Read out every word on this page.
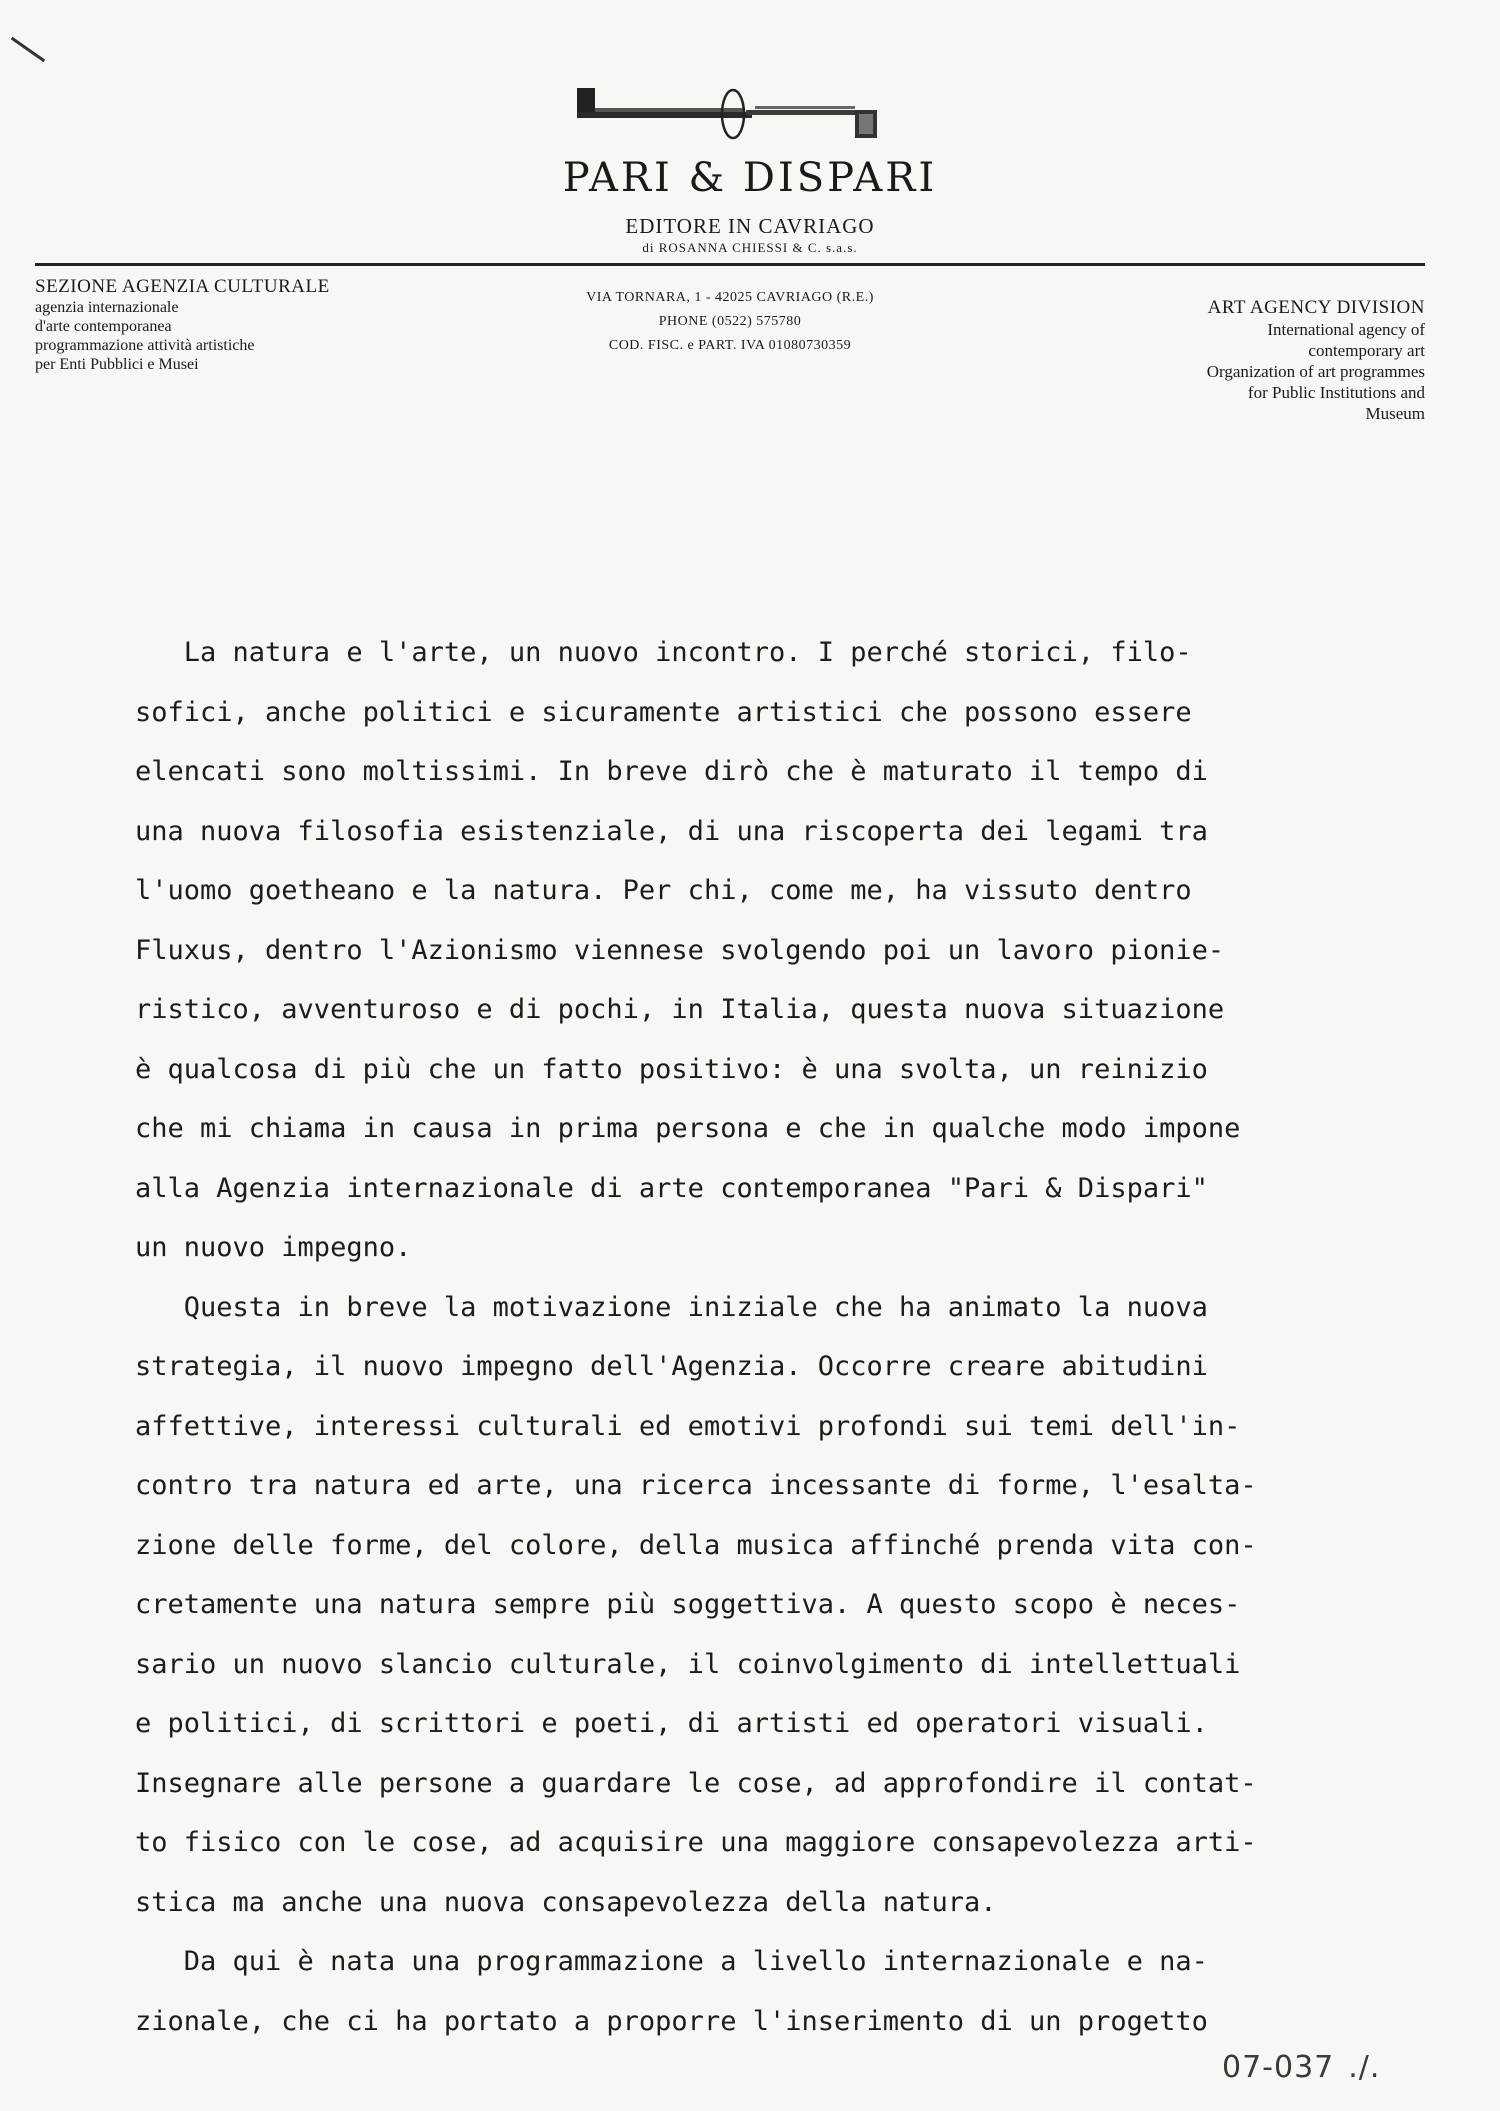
PARI & DISPARI
EDITORE IN CAVRIAGO
di ROSANNA CHIESSI & C. s.a.s.
SEZIONE AGENZIA CULTURALE
agenzia internazionale
d'arte contemporanea
programmazione attività artistiche
per Enti Pubblici e Musei
VIA TORNARA, 1 - 42025 CAVRIAGO (R.E.)
PHONE (0522) 575780
COD. FISC. e PART. IVA 01080730359
ART AGENCY DIVISION
International agency of
contemporary art
Organization of art programmes
for Public Institutions and
Museum
La natura e l'arte, un nuovo incontro. I perché storici, filo-
sofici, anche politici e sicuramente artistici che possono essere
elencati sono moltissimi. In breve dirò che è maturato il tempo di
una nuova filosofia esistenziale, di una riscoperta dei legami tra
l'uomo goetheano e la natura. Per chi, come me, ha vissuto dentro
Fluxus, dentro l'Azionismo viennese svolgendo poi un lavoro pionie-
ristico, avventuroso e di pochi, in Italia, questa nuova situazione
è qualcosa di più che un fatto positivo: è una svolta, un reinizio
che mi chiama in causa in prima persona e che in qualche modo impone
alla Agenzia internazionale di arte contemporanea "Pari & Dispari"
un nuovo impegno.
Questa in breve la motivazione iniziale che ha animato la nuova
strategia, il nuovo impegno dell'Agenzia. Occorre creare abitudini
affettive, interessi culturali ed emotivi profondi sui temi dell'in-
contro tra natura ed arte, una ricerca incessante di forme, l'esalta-
zione delle forme, del colore, della musica affinché prenda vita con-
cretamente una natura sempre più soggettiva. A questo scopo è neces-
sario un nuovo slancio culturale, il coinvolgimento di intellettuali
e politici, di scrittori e poeti, di artisti ed operatori visuali.
Insegnare alle persone a guardare le cose, ad approfondire il contat-
to fisico con le cose, ad acquisire una maggiore consapevolezza arti-
stica ma anche una nuova consapevolezza della natura.
Da qui è nata una programmazione a livello internazionale e na-
zionale, che ci ha portato a proporre l'inserimento di un progetto
07-037 ./.
